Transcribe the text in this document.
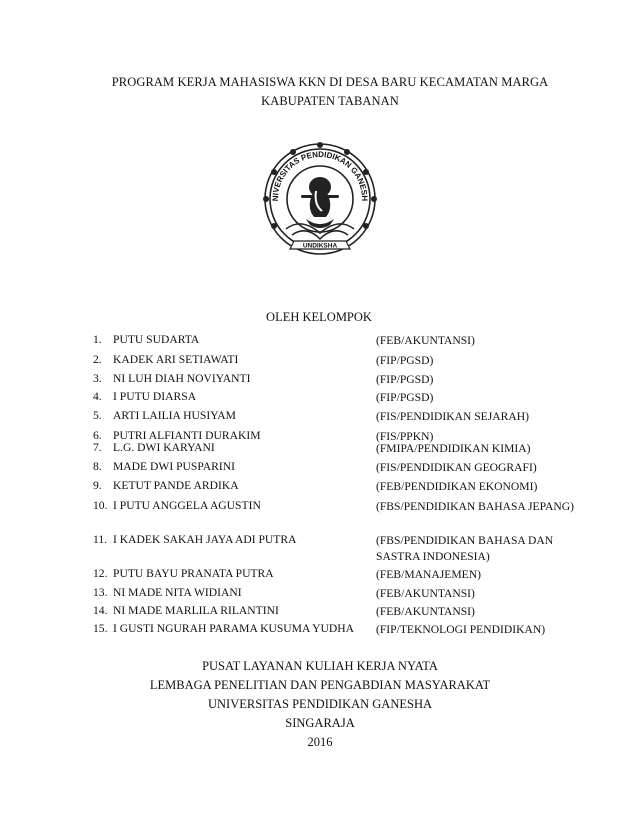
PROGRAM KERJA MAHASISWA KKN DI DESA BARU KECAMATAN MARGA
KABUPATEN TABANAN
NIVERSITAS PENDIDIKAN GANESH
UNDIKSHA
OLEH KELOMPOK
1. PUTU SUDARTA	(FEB/AKUNTANSI)
2. KADEK ARI SETIAWATI	(FIP/PGSD)
3. NI LUH DIAH NOVIYANTI	(FIP/PGSD)
4. I PUTU DIARSA	(FIP/PGSD)
5. ARTI LAILIA HUSIYAM	(FIS/PENDIDIKAN SEJARAH)
6. PUTRI ALFIANTI DURAKIM	(FIS/PPKN)
7. L.G. DWI KARYANI	(FMIPA/PENDIDIKAN KIMIA)
8. MADE DWI PUSPARINI	(FIS/PENDIDIKAN GEOGRAFI)
9. KETUT PANDE ARDIKA	(FEB/PENDIDIKAN EKONOMI)
10. I PUTU ANGGELA AGUSTIN	(FBS/PENDIDIKAN BAHASA JEPANG)
11. I KADEK SAKAH JAYA ADI PUTRA	(FBS/PENDIDIKAN BAHASA DAN SASTRA INDONESIA)
12. PUTU BAYU PRANATA PUTRA	(FEB/MANAJEMEN)
13. NI MADE NITA WIDIANI	(FEB/AKUNTANSI)
14. NI MADE MARLILA RILANTINI	(FEB/AKUNTANSI)
15. I GUSTI NGURAH PARAMA KUSUMA YUDHA	(FIP/TEKNOLOGI PENDIDIKAN)
PUSAT LAYANAN KULIAH KERJA NYATA
LEMBAGA PENELITIAN DAN PENGABDIAN MASYARAKAT
UNIVERSITAS PENDIDIKAN GANESHA
SINGARAJA
2016
